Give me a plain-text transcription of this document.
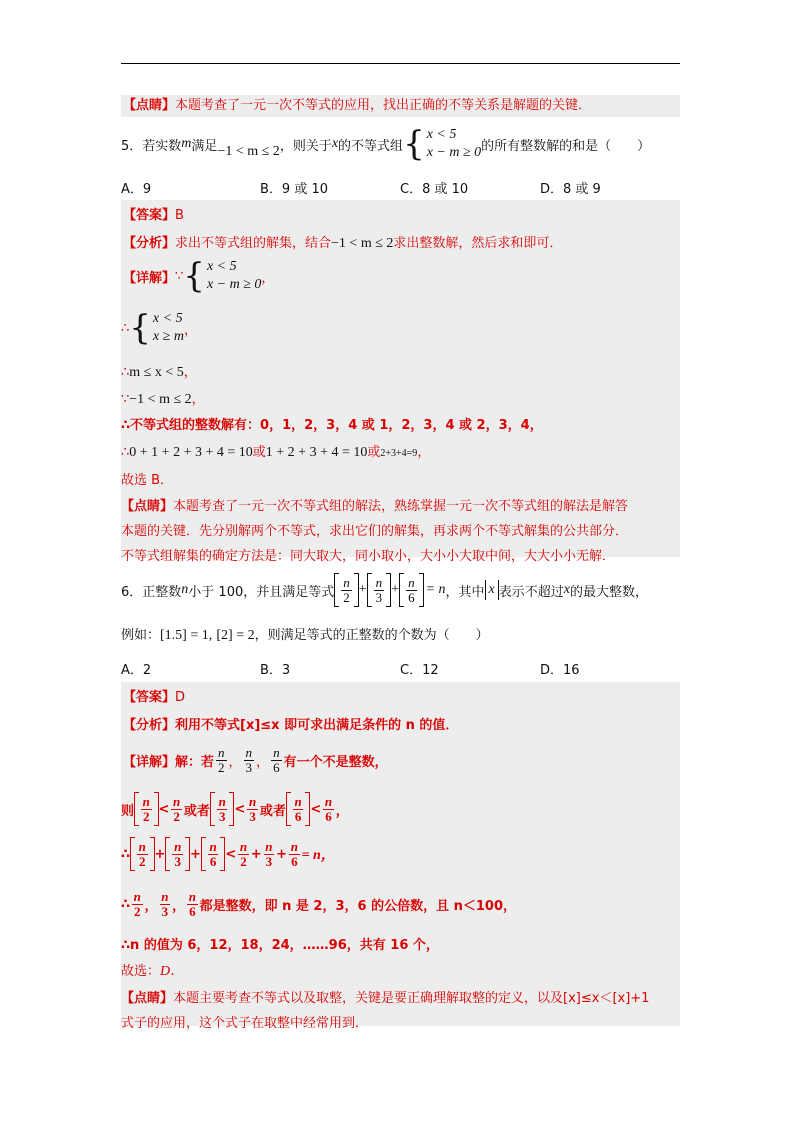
【点睛】本题考查了一元一次不等式的应用，找出正确的不等关系是解题的关键．
5． 若实数 m 满足 −1 < m ≤ 2 ，则关于 x 的不等式组 { x < 5
x − m ≥ 0 的所有整数解的和是（　　）
A．9	B．9 或 10	C．8 或 10	D．8 或 9
【答案】B
【分析】求出不等式组的解集，结合−1 < m ≤ 2求出整数解，然后求和即可．
【详解】 ∵ { x < 5
x − m ≥ 0 ，
∴ { x < 5
x ≥ m ，
∴m ≤ x < 5，
∵−1 < m ≤ 2，
∴不等式组的整数解有：0，1，2，3，4 或 1，2，3，4 或 2，3，4，
∴0 + 1 + 2 + 3 + 4 = 10或1 + 2 + 3 + 4 = 10或2+3+4=9，
故选 B．
【点睛】本题考查了一元一次不等式组的解法，熟练掌握一元一次不等式组的解法是解答
本题的关键．先分别解两个不等式，求出它们的解集，再求两个不等式解集的公共部分．
不等式组解集的确定方法是：同大取大，同小取小，大小小大取中间，大大小小无解．
6． 正整数 n 小于 100，并且满足等式 $\frac{n}{2} + \frac{n}{3} + \frac{n}{6} = n$ ，其中 x 表示不超过 x 的最大整数，
例如：[1.5] = 1, [2] = 2，则满足等式的正整数的个数为（　　）
A．2	B．3	C．12	D．16
【答案】D
【分析】利用不等式[x]≤x 即可求出满足条件的 n 的值．
【详解】 解：若 $\frac{n}{2}$ ， $\frac{n}{3}$ ， $\frac{n}{6}$ 有一个不是整数，
则 $\frac{n}{2} < \frac{n}{2}$ 或者 $\frac{n}{3} < \frac{n}{3}$ 或者 $\frac{n}{6} < \frac{n}{6}$ ，
∴ $\frac{n}{2} + \frac{n}{3} + \frac{n}{6} < \frac{n}{2} + \frac{n}{3} + \frac{n}{6} = n$，
∴ $\frac{n}{2}$ ， $\frac{n}{3}$ ， $\frac{n}{6}$ 都是整数，即 n 是 2，3，6 的公倍数，且 n＜100，
∴n 的值为 6，12，18，24，……96，共有 16 个，
故选：D．
【点睛】本题主要考查不等式以及取整，关键是要正确理解取整的定义，以及[x]≤x＜[x]+1
式子的应用，这个式子在取整中经常用到．
